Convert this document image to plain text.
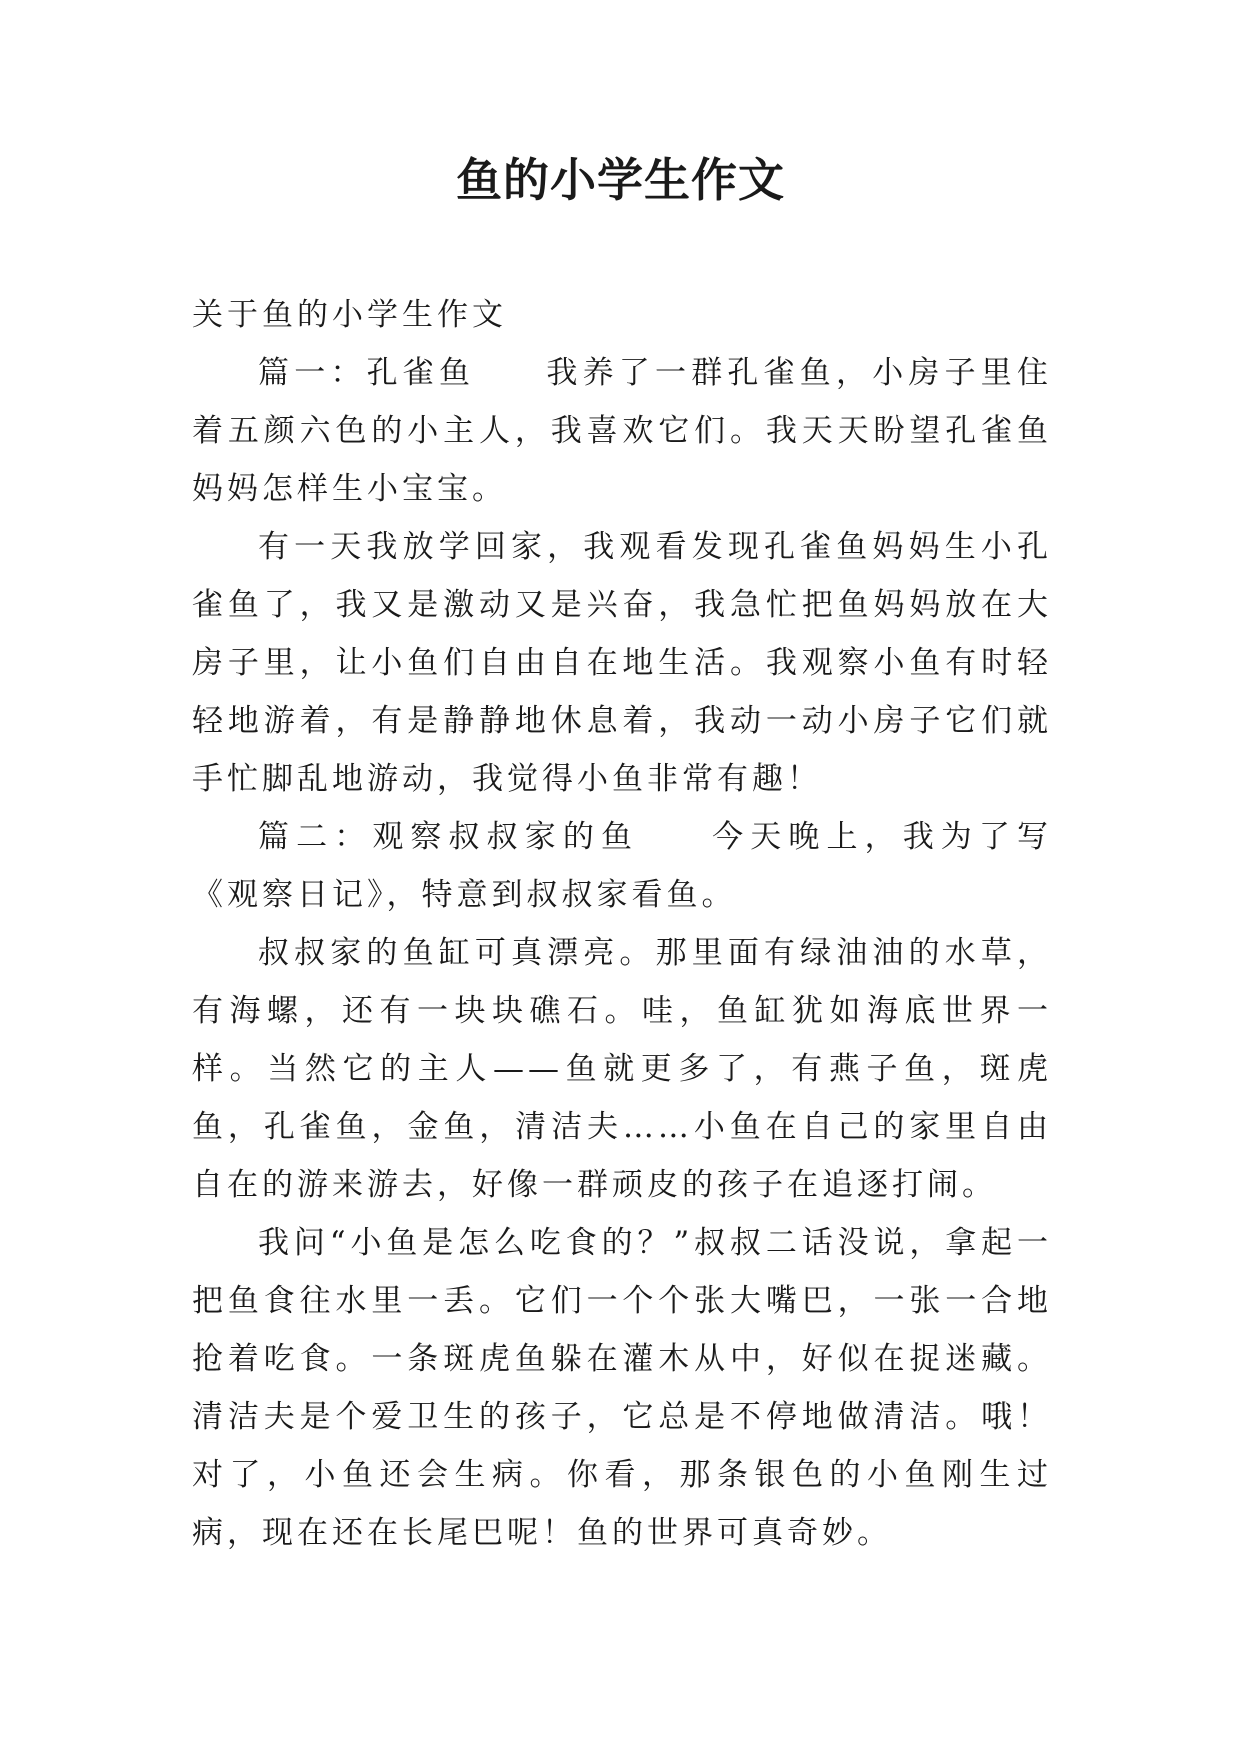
鱼的小学生作文

关于鱼的小学生作文

篇一：孔雀鱼 我养了一群孔雀鱼，小房子里住着五颜六色的小主人，我喜欢它们。我天天盼望孔雀鱼妈妈怎样生小宝宝。

有一天我放学回家，我观看发现孔雀鱼妈妈生小孔雀鱼了，我又是激动又是兴奋，我急忙把鱼妈妈放在大房子里，让小鱼们自由自在地生活。我观察小鱼有时轻轻地游着，有是静静地休息着，我动一动小房子它们就手忙脚乱地游动，我觉得小鱼非常有趣！

篇二：观察叔叔家的鱼 今天晚上，我为了写《观察日记》，特意到叔叔家看鱼。

叔叔家的鱼缸可真漂亮。那里面有绿油油的水草，有海螺，还有一块块礁石。哇，鱼缸犹如海底世界一样。当然它的主人——鱼就更多了，有燕子鱼，斑虎鱼，孔雀鱼，金鱼，清洁夫……小鱼在自己的家里自由自在的游来游去，好像一群顽皮的孩子在追逐打闹。

我问“小鱼是怎么吃食的？”叔叔二话没说，拿起一把鱼食往水里一丢。它们一个个张大嘴巴，一张一合地抢着吃食。一条斑虎鱼躲在灌木从中，好似在捉迷藏。清洁夫是个爱卫生的孩子，它总是不停地做清洁。哦！对了，小鱼还会生病。你看，那条银色的小鱼刚生过病，现在还在长尾巴呢！鱼的世界可真奇妙。
